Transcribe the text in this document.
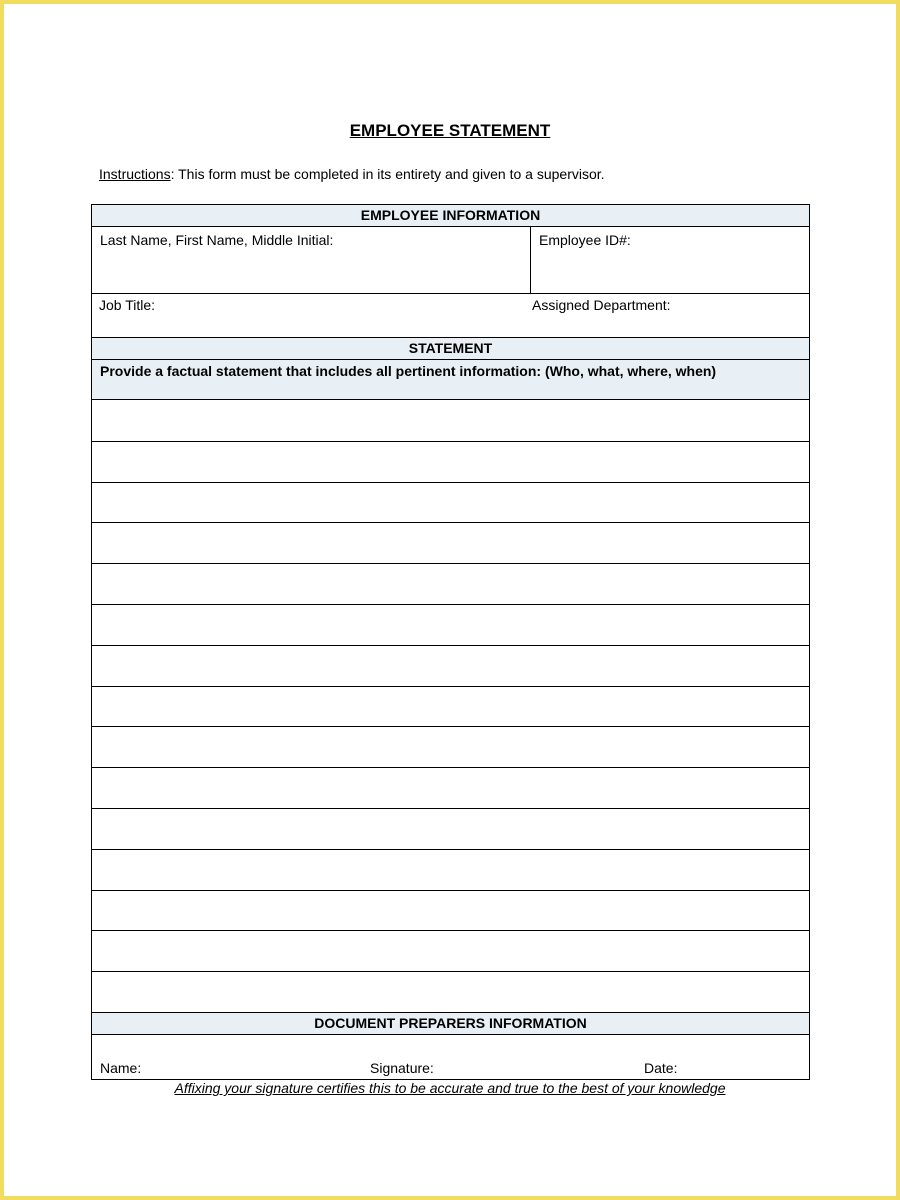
EMPLOYEE STATEMENT
Instructions: This form must be completed in its entirety and given to a supervisor.
EMPLOYEE INFORMATION
Last Name, First Name, Middle Initial:	Employee ID#:
Job Title:	Assigned Department:
STATEMENT
Provide a factual statement that includes all pertinent information: (Who, what, where, when)
DOCUMENT PREPARERS INFORMATION
Name:	Signature:	Date:
Affixing your signature certifies this to be accurate and true to the best of your knowledge
